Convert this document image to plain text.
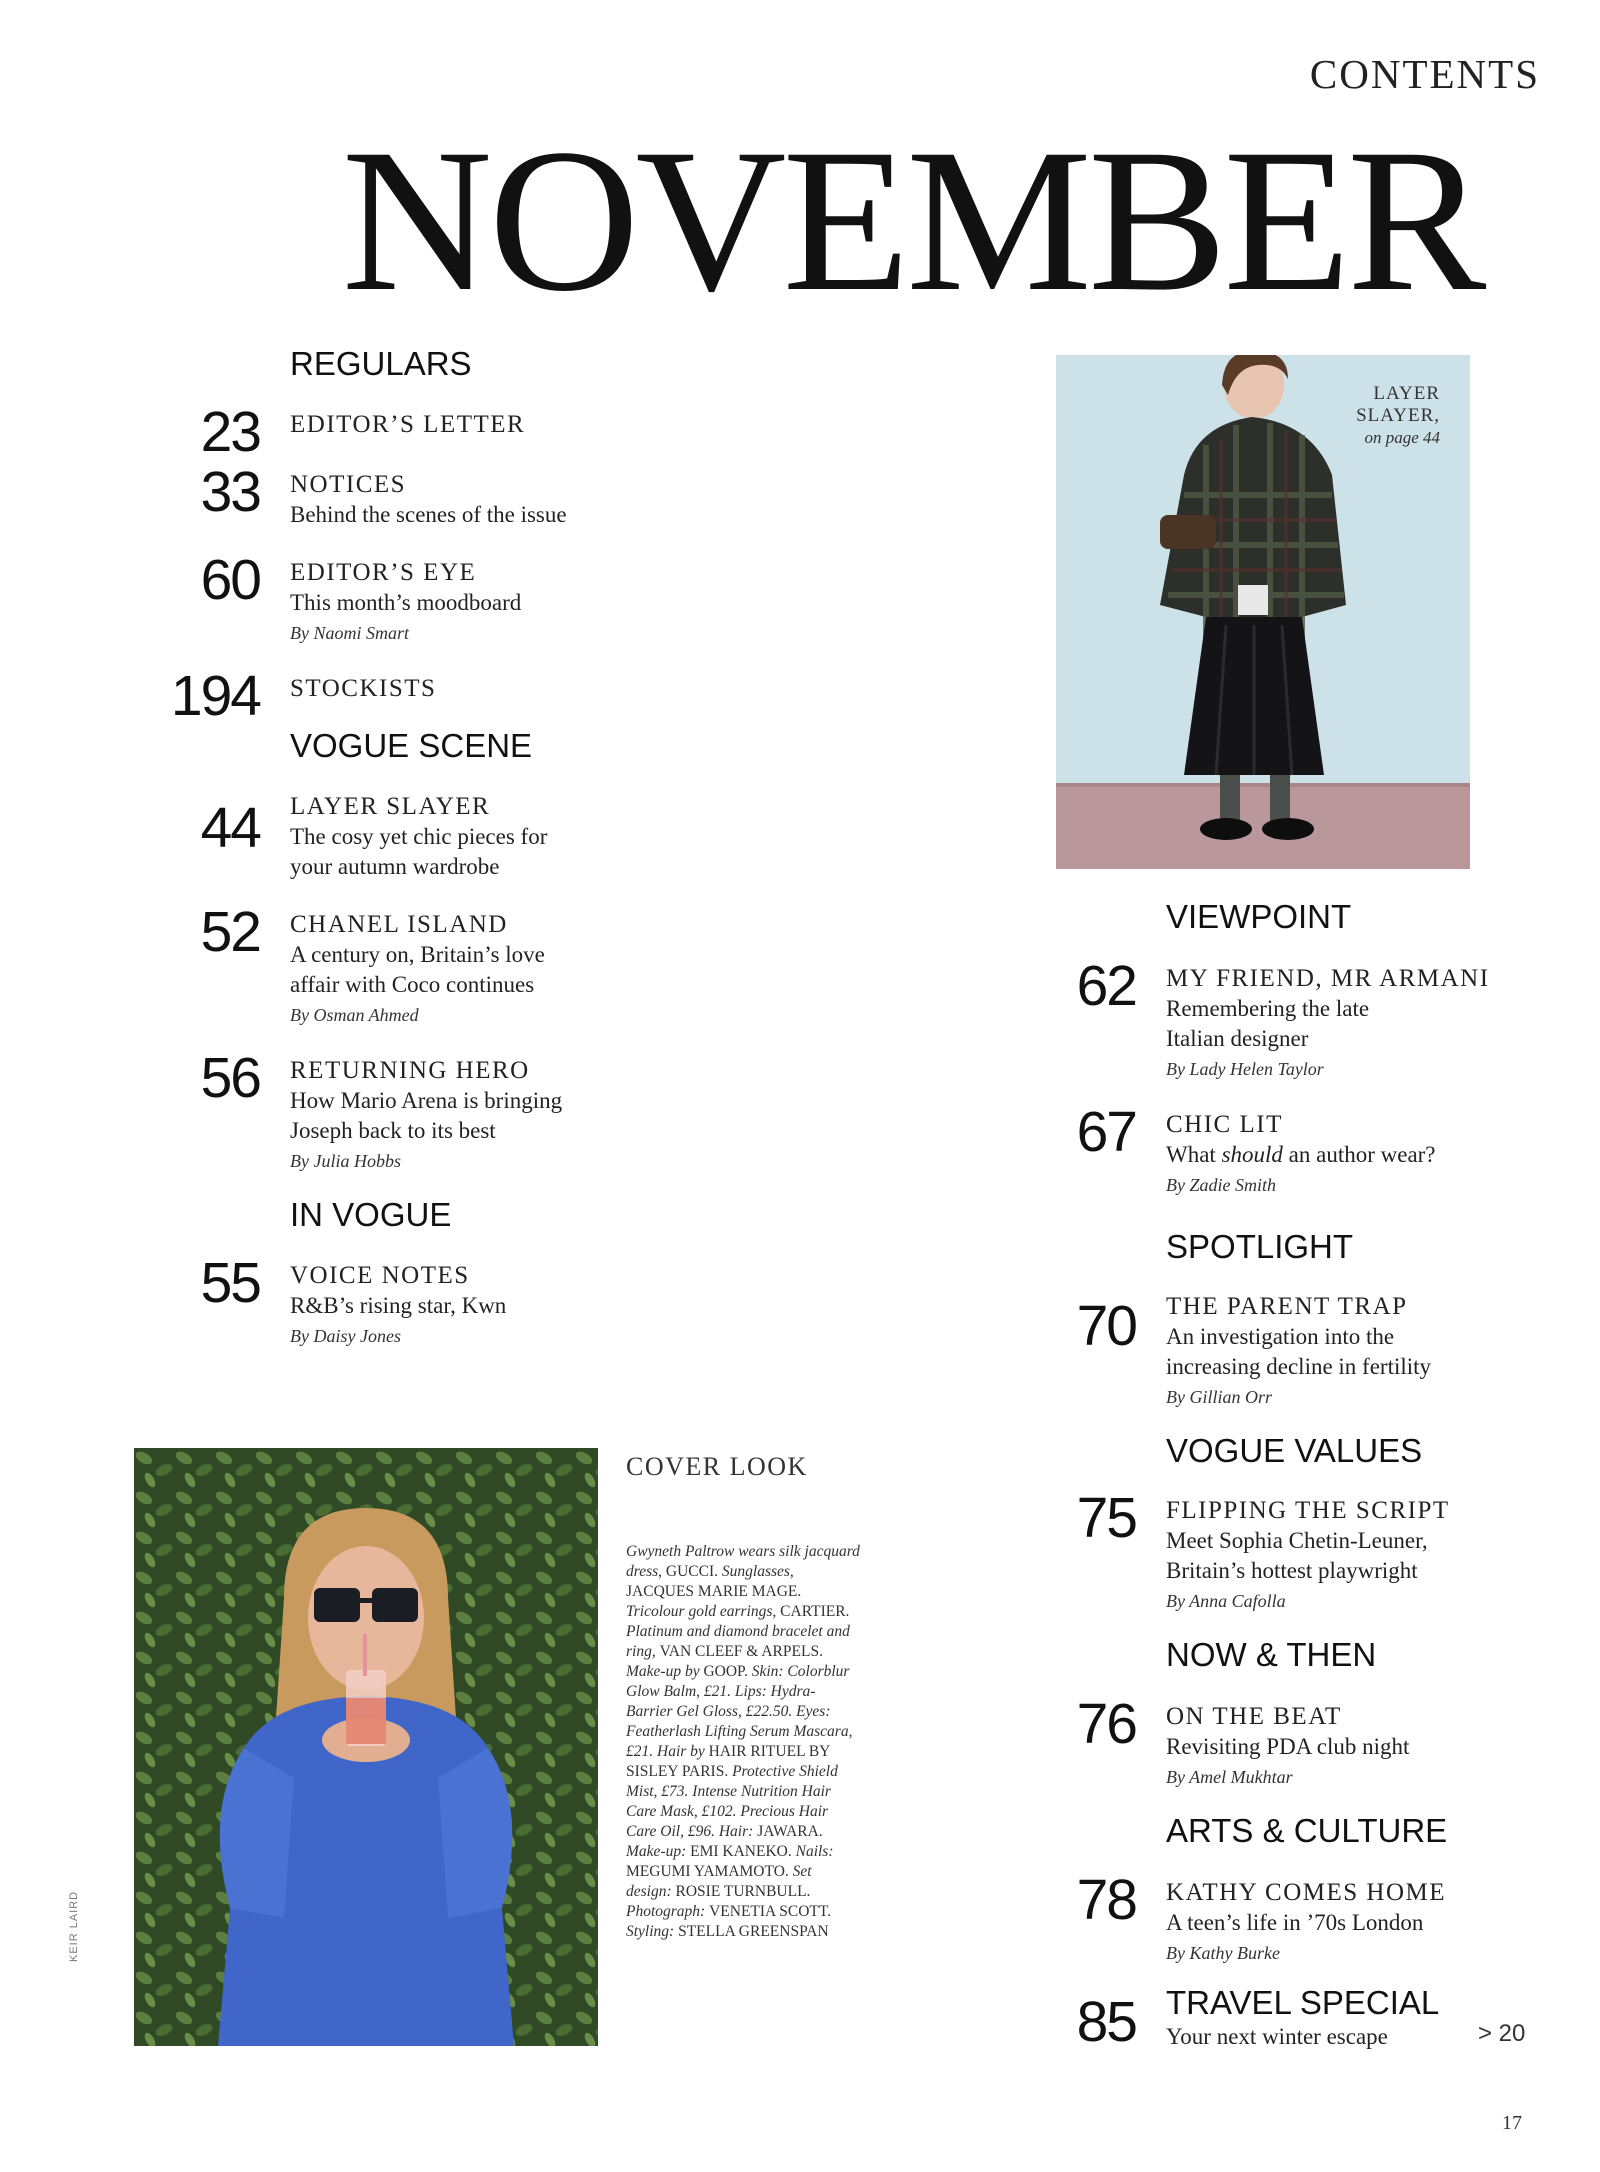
CONTENTS
NOVEMBER
REGULARS
23 EDITOR’S LETTER
33 NOTICES
Behind the scenes of the issue
60 EDITOR’S EYE
This month’s moodboard
By Naomi Smart
194 STOCKISTS
VOGUE SCENE
44 LAYER SLAYER
The cosy yet chic pieces for
your autumn wardrobe
52 CHANEL ISLAND
A century on, Britain’s love
affair with Coco continues
By Osman Ahmed
56 RETURNING HERO
How Mario Arena is bringing
Joseph back to its best
By Julia Hobbs
IN VOGUE
55 VOICE NOTES
R&B’s rising star, Kwn
By Daisy Jones
LAYER
SLAYER,
on page 44
VIEWPOINT
62 MY FRIEND, MR ARMANI
Remembering the late
Italian designer
By Lady Helen Taylor
67 CHIC LIT
What should an author wear?
By Zadie Smith
SPOTLIGHT
70 THE PARENT TRAP
An investigation into the
increasing decline in fertility
By Gillian Orr
VOGUE VALUES
75 FLIPPING THE SCRIPT
Meet Sophia Chetin-Leuner,
Britain’s hottest playwright
By Anna Cafolla
NOW & THEN
76 ON THE BEAT
Revisiting PDA club night
By Amel Mukhtar
ARTS & CULTURE
78 KATHY COMES HOME
A teen’s life in ’70s London
By Kathy Burke
85 TRAVEL SPECIAL
Your next winter escape
COVER LOOK
Gwyneth Paltrow wears silk jacquard dress, GUCCI. Sunglasses, JACQUES MARIE MAGE. Tricolour gold earrings, CARTIER. Platinum and diamond bracelet and ring, VAN CLEEF & ARPELS. Make-up by GOOP. Skin: Colorblur Glow Balm, £21. Lips: Hydra-Barrier Gel Gloss, £22.50. Eyes: Featherlash Lifting Serum Mascara, £21. Hair by HAIR RITUEL BY SISLEY PARIS. Protective Shield Mist, £73. Intense Nutrition Hair Care Mask, £102. Precious Hair Care Oil, £96. Hair: JAWARA. Make-up: EMI KANEKO. Nails: MEGUMI YAMAMOTO. Set design: ROSIE TURNBULL. Photograph: VENETIA SCOTT. Styling: STELLA GREENSPAN
KEIR LAIRD
> 20
17
